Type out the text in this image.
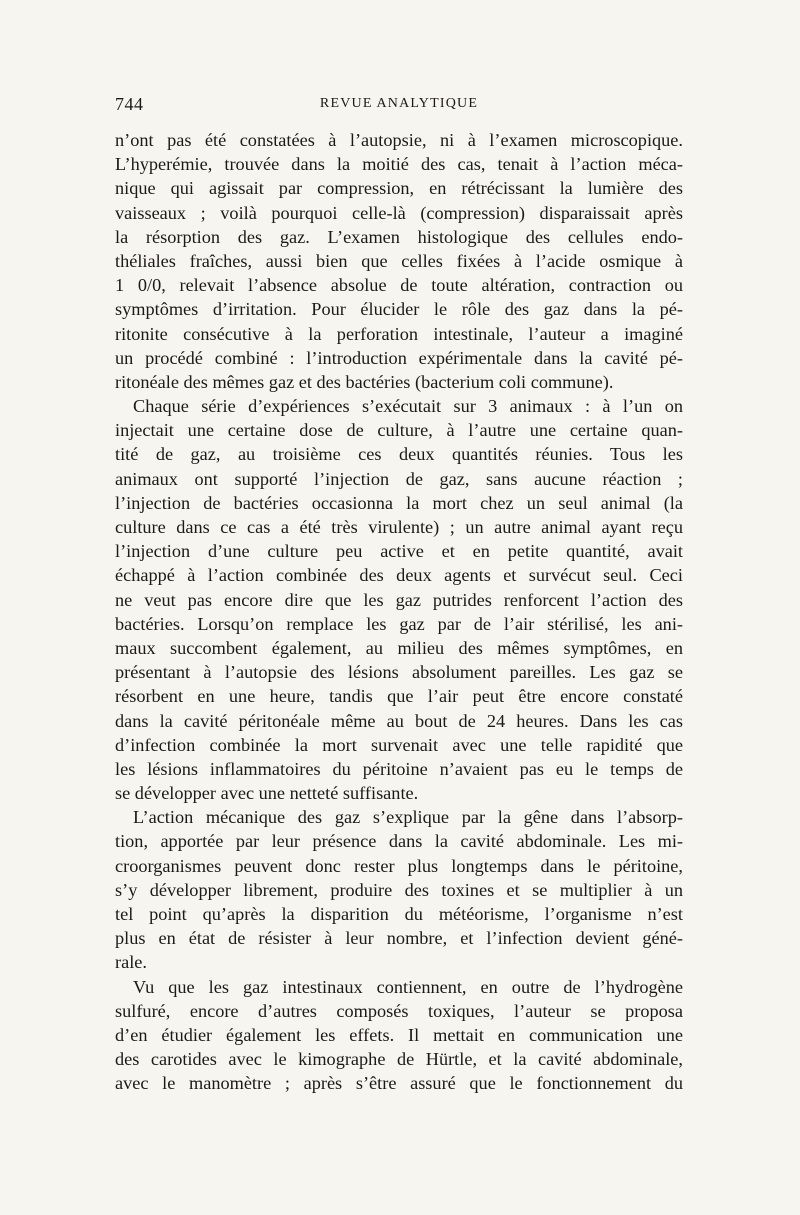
744	REVUE ANALYTIQUE
n’ont pas été constatées à l’autopsie, ni à l’examen microscopique.
L’hyperémie, trouvée dans la moitié des cas, tenait à l’action méca-
nique qui agissait par compression, en rétrécissant la lumière des
vaisseaux ; voilà pourquoi celle-là (compression) disparaissait après
la résorption des gaz. L’examen histologique des cellules endo-
théliales fraîches, aussi bien que celles fixées à l’acide osmique à
1 0/0, relevait l’absence absolue de toute altération, contraction ou
symptômes d’irritation. Pour élucider le rôle des gaz dans la pé-
ritonite consécutive à la perforation intestinale, l’auteur a imaginé
un procédé combiné : l’introduction expérimentale dans la cavité pé-
ritonéale des mêmes gaz et des bactéries (bacterium coli commune).
Chaque série d’expériences s’exécutait sur 3 animaux : à l’un on
injectait une certaine dose de culture, à l’autre une certaine quan-
tité de gaz, au troisième ces deux quantités réunies. Tous les
animaux ont supporté l’injection de gaz, sans aucune réaction ;
l’injection de bactéries occasionna la mort chez un seul animal (la
culture dans ce cas a été très virulente) ; un autre animal ayant reçu
l’injection d’une culture peu active et en petite quantité, avait
échappé à l’action combinée des deux agents et survécut seul. Ceci
ne veut pas encore dire que les gaz putrides renforcent l’action des
bactéries. Lorsqu’on remplace les gaz par de l’air stérilisé, les ani-
maux succombent également, au milieu des mêmes symptômes, en
présentant à l’autopsie des lésions absolument pareilles. Les gaz se
résorbent en une heure, tandis que l’air peut être encore constaté
dans la cavité péritonéale même au bout de 24 heures. Dans les cas
d’infection combinée la mort survenait avec une telle rapidité que
les lésions inflammatoires du péritoine n’avaient pas eu le temps de
se développer avec une netteté suffisante.
L’action mécanique des gaz s’explique par la gêne dans l’absorp-
tion, apportée par leur présence dans la cavité abdominale. Les mi-
croorganismes peuvent donc rester plus longtemps dans le péritoine,
s’y développer librement, produire des toxines et se multiplier à un
tel point qu’après la disparition du météorisme, l’organisme n’est
plus en état de résister à leur nombre, et l’infection devient géné-
rale.
Vu que les gaz intestinaux contiennent, en outre de l’hydrogène
sulfuré, encore d’autres composés toxiques, l’auteur se proposa
d’en étudier également les effets. Il mettait en communication une
des carotides avec le kimographe de Hürtle, et la cavité abdominale,
avec le manomètre ; après s’être assuré que le fonctionnement du
